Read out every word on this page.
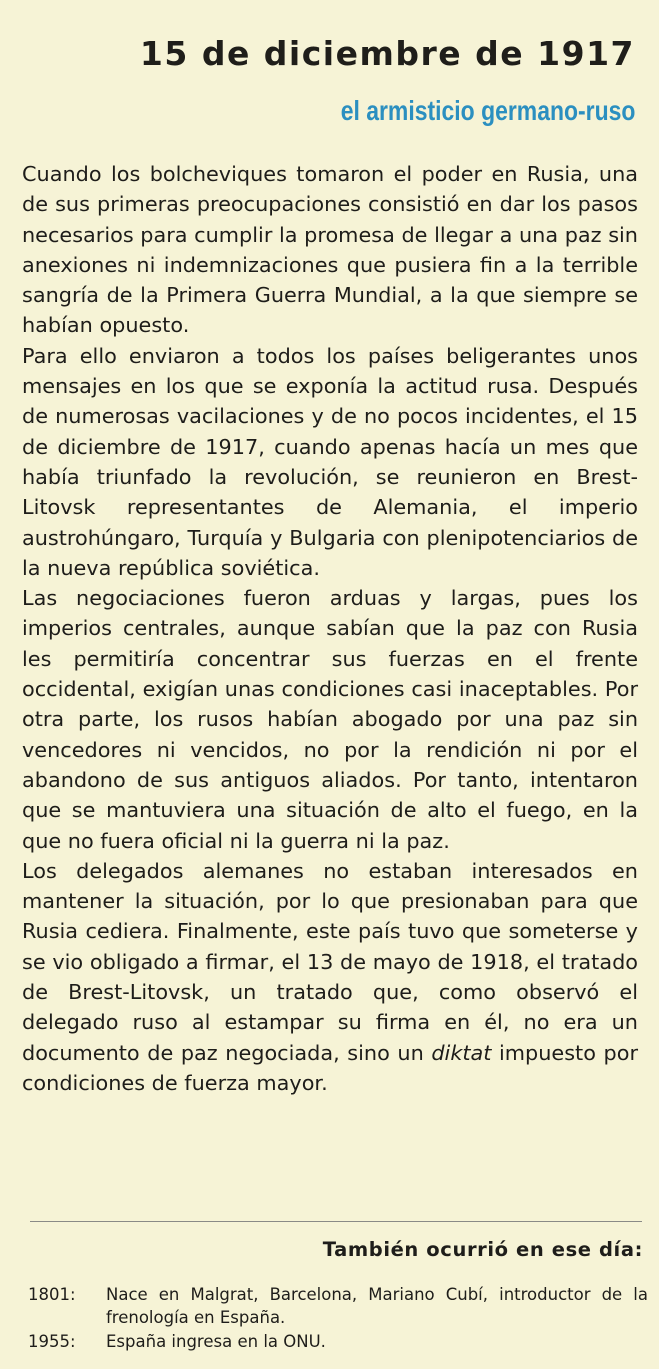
15 de diciembre de 1917
el armisticio germano-ruso

Cuando los bolcheviques tomaron el poder en Rusia, una de sus primeras preocupaciones consistió en dar los pasos necesarios para cumplir la promesa de llegar a una paz sin anexiones ni indemnizaciones que pusiera fin a la terrible sangría de la Primera Guerra Mundial, a la que siempre se habían opuesto.

Para ello enviaron a todos los países beligerantes unos mensajes en los que se exponía la actitud rusa. Después de numerosas vacilaciones y de no pocos incidentes, el 15 de diciembre de 1917, cuando apenas hacía un mes que había triunfado la revolución, se reunieron en Brest-Litovsk representantes de Alemania, el imperio austrohúngaro, Turquía y Bulgaria con plenipotenciarios de la nueva república soviética.

Las negociaciones fueron arduas y largas, pues los imperios centrales, aunque sabían que la paz con Rusia les permitiría concentrar sus fuerzas en el frente occidental, exigían unas condiciones casi inaceptables. Por otra parte, los rusos habían abogado por una paz sin vencedores ni vencidos, no por la rendición ni por el abandono de sus antiguos aliados. Por tanto, intentaron que se mantuviera una situación de alto el fuego, en la que no fuera oficial ni la guerra ni la paz.

Los delegados alemanes no estaban interesados en mantener la situación, por lo que presionaban para que Rusia cediera. Finalmente, este país tuvo que someterse y se vio obligado a firmar, el 13 de mayo de 1918, el tratado de Brest-Litovsk, un tratado que, como observó el delegado ruso al estampar su firma en él, no era un documento de paz negociada, sino un diktat impuesto por condiciones de fuerza mayor.

También ocurrió en ese día:
1801:	Nace en Malgrat, Barcelona, Mariano Cubí, introductor de la frenología en España.
1955:	España ingresa en la ONU.
